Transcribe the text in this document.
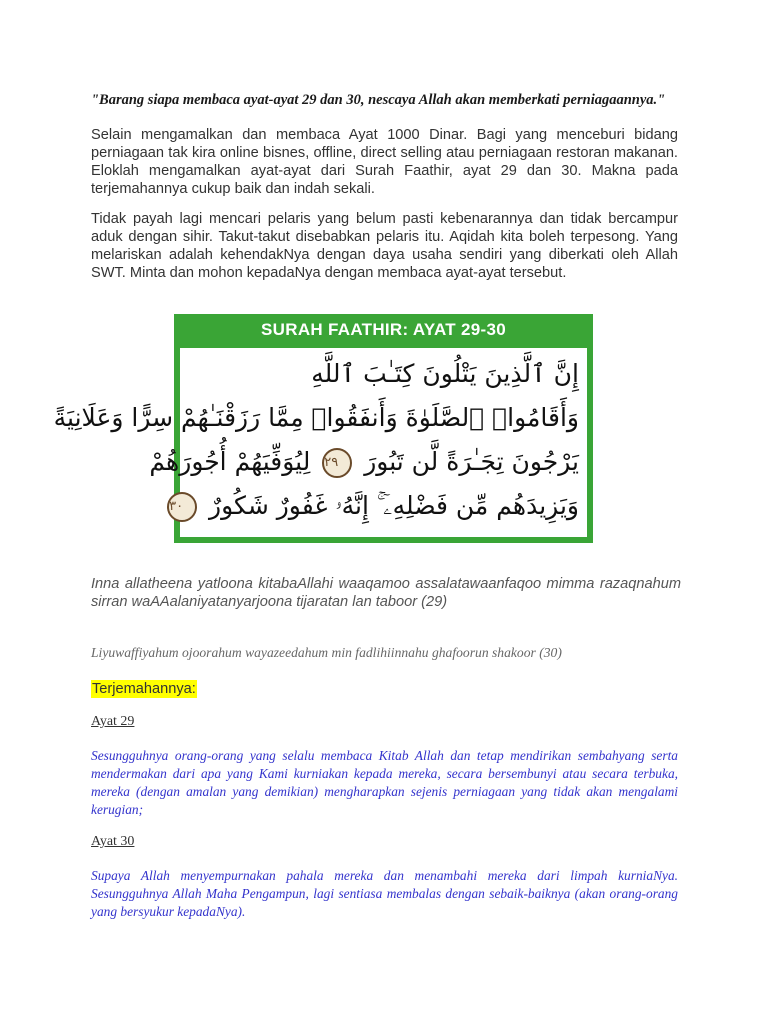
"Barang siapa membaca ayat-ayat 29 dan 30, nescaya Allah akan memberkati perniagaannya."

Selain mengamalkan dan membaca Ayat 1000 Dinar. Bagi yang menceburi bidang perniagaan tak kira online bisnes, offline, direct selling atau perniagaan restoran makanan. Eloklah mengamalkan ayat-ayat dari Surah Faathir, ayat 29 dan 30. Makna pada terjemahannya cukup baik dan indah sekali.

Tidak payah lagi mencari pelaris yang belum pasti kebenarannya dan tidak bercampur aduk dengan sihir. Takut-takut disebabkan pelaris itu. Aqidah kita boleh terpesong. Yang melariskan adalah kehendakNya dengan daya usaha sendiri yang diberkati oleh Allah SWT. Minta dan mohon kepadaNya dengan membaca ayat-ayat tersebut.

SURAH FAATHIR: AYAT 29-30
إِنَّ ٱلَّذِينَ يَتْلُونَ كِتَـٰبَ ٱللَّهِ
وَأَقَامُوا۟ ٱلصَّلَوٰةَ وَأَنفَقُوا۟ مِمَّا رَزَقْنَـٰهُمْ سِرًّا وَعَلَانِيَةً
يَرْجُونَ تِجَـٰرَةً لَّن تَبُورَ ٢٩ لِيُوَفِّيَهُمْ أُجُورَهُمْ
وَيَزِيدَهُم مِّن فَضْلِهِۦٓ ۚ إِنَّهُۥ غَفُورٌ شَكُورٌ ٣٠

Inna allatheena yatloona kitabaAllahi waaqamoo assalatawaanfaqoo mimma razaqnahum sirran waAAalaniyatanyarjoona tijaratan lan taboor (29)

Liyuwaffiyahum ojoorahum wayazeedahum min fadlihiinnahu ghafoorun shakoor (30)
Terjemahannya:
Ayat 29

Sesungguhnya orang-orang yang selalu membaca Kitab Allah dan tetap mendirikan sembahyang serta mendermakan dari apa yang Kami kurniakan kepada mereka, secara bersembunyi atau secara terbuka, mereka (dengan amalan yang demikian) mengharapkan sejenis perniagaan yang tidak akan mengalami kerugian;

Ayat 30

Supaya Allah menyempurnakan pahala mereka dan menambahi mereka dari limpah kurniaNya. Sesungguhnya Allah Maha Pengampun, lagi sentiasa membalas dengan sebaik-baiknya (akan orang-orang yang bersyukur kepadaNya).
